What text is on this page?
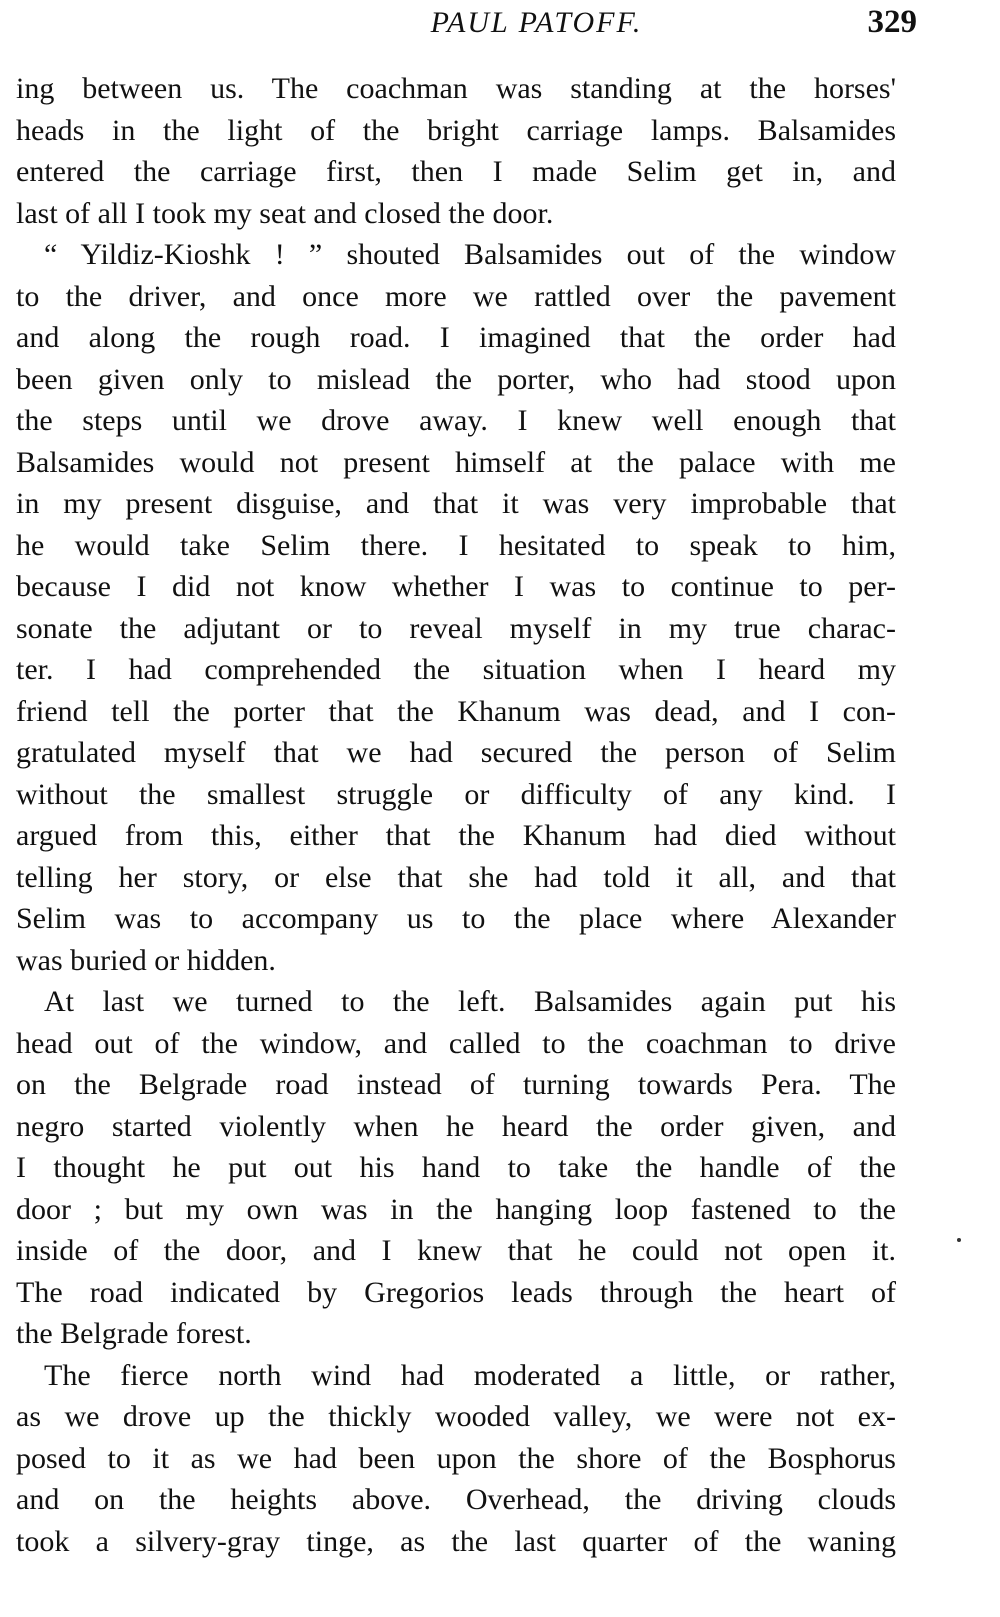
PAUL PATOFF.	329
ing between us. The coachman was standing at the horses'
heads in the light of the bright carriage lamps. Balsamides
entered the carriage first, then I made Selim get in, and
last of all I took my seat and closed the door.
“ Yildiz-Kioshk ! ” shouted Balsamides out of the window
to the driver, and once more we rattled over the pavement
and along the rough road. I imagined that the order had
been given only to mislead the porter, who had stood upon
the steps until we drove away. I knew well enough that
Balsamides would not present himself at the palace with me
in my present disguise, and that it was very improbable that
he would take Selim there. I hesitated to speak to him,
because I did not know whether I was to continue to per-
sonate the adjutant or to reveal myself in my true charac-
ter. I had comprehended the situation when I heard my
friend tell the porter that the Khanum was dead, and I con-
gratulated myself that we had secured the person of Selim
without the smallest struggle or difficulty of any kind. I
argued from this, either that the Khanum had died without
telling her story, or else that she had told it all, and that
Selim was to accompany us to the place where Alexander
was buried or hidden.
At last we turned to the left. Balsamides again put his
head out of the window, and called to the coachman to drive
on the Belgrade road instead of turning towards Pera. The
negro started violently when he heard the order given, and
I thought he put out his hand to take the handle of the
door ; but my own was in the hanging loop fastened to the
inside of the door, and I knew that he could not open it.
The road indicated by Gregorios leads through the heart of
the Belgrade forest.
The fierce north wind had moderated a little, or rather,
as we drove up the thickly wooded valley, we were not ex-
posed to it as we had been upon the shore of the Bosphorus
and on the heights above. Overhead, the driving clouds
took a silvery-gray tinge, as the last quarter of the waning
